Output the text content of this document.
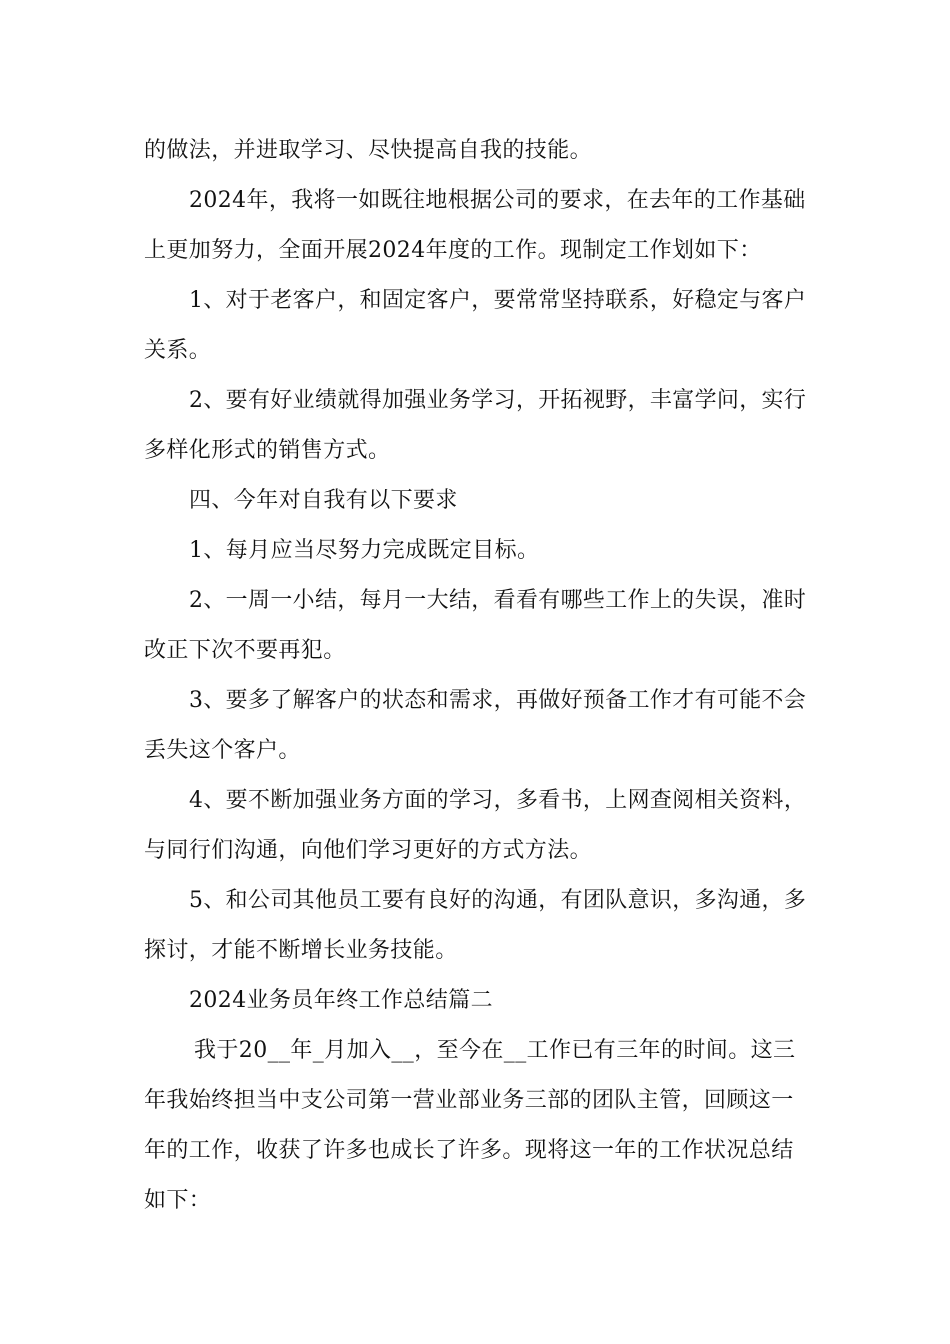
的做法，并进取学习、尽快提高自我的技能。
2024年，我将一如既往地根据公司的要求，在去年的工作基础
上更加努力，全面开展2024年度的工作。现制定工作划如下：
1、对于老客户，和固定客户，要常常坚持联系，好稳定与客户
关系。
2、要有好业绩就得加强业务学习，开拓视野，丰富学问，实行
多样化形式的销售方式。
四、今年对自我有以下要求
1、每月应当尽努力完成既定目标。
2、一周一小结，每月一大结，看看有哪些工作上的失误，准时
改正下次不要再犯。
3、要多了解客户的状态和需求，再做好预备工作才有可能不会
丢失这个客户。
4、要不断加强业务方面的学习，多看书，上网查阅相关资料，
与同行们沟通，向他们学习更好的方式方法。
5、和公司其他员工要有良好的沟通，有团队意识，多沟通，多
探讨，才能不断增长业务技能。
2024业务员年终工作总结篇二
我于20__年_月加入__，至今在__工作已有三年的时间。这三
年我始终担当中支公司第一营业部业务三部的团队主管，回顾这一
年的工作，收获了许多也成长了许多。现将这一年的工作状况总结
如下：
